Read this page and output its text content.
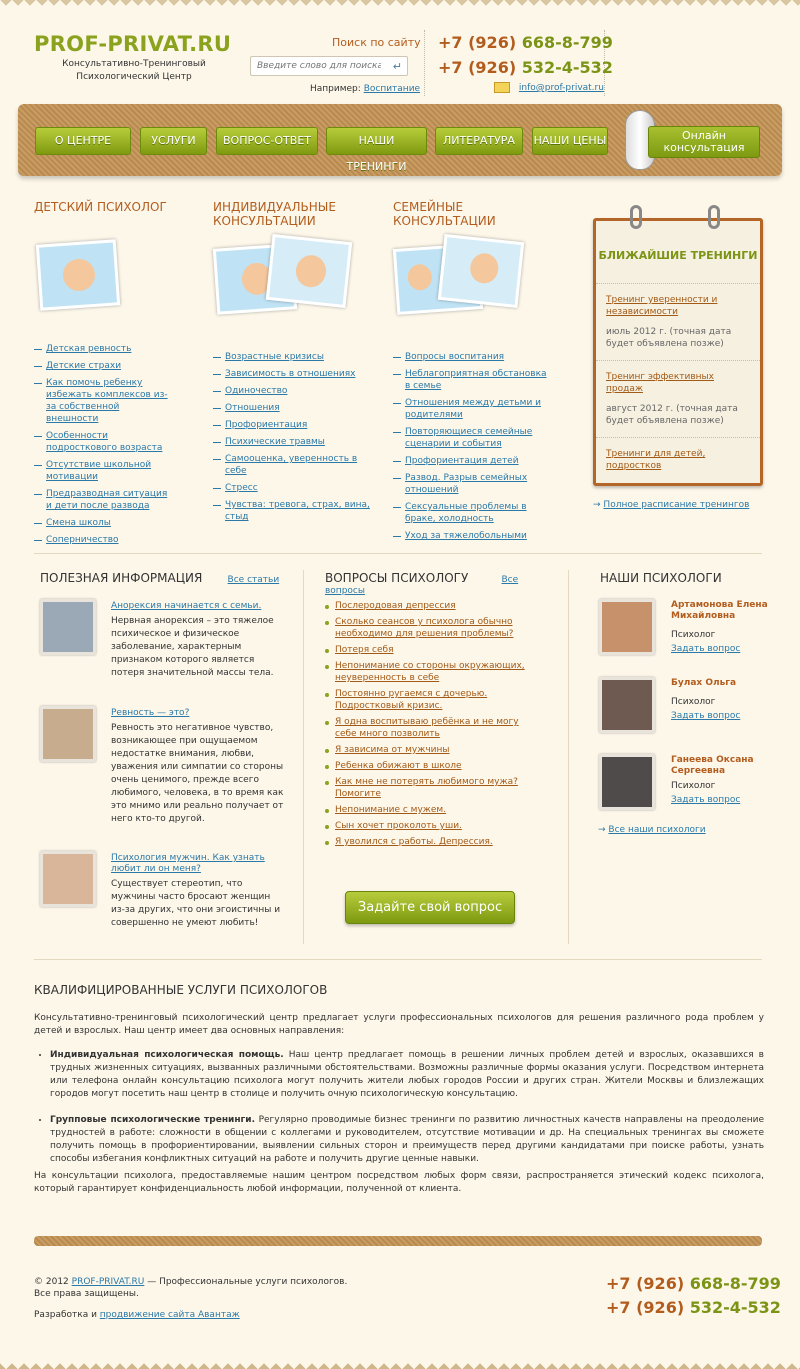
PROF-PRIVAT.RU
Консультативно-Тренинговый
Психологический Центр
Поиск по сайту
Введите слово для поиска
↵
Например: Воспитание
+7 (926) 668-8-799
+7 (926) 532-4-532
info@prof-privat.ru
О ЦЕНТРЕ	УСЛУГИ	ВОПРОС-ОТВЕТ	НАШИ ТРЕНИНГИ
ЛИТЕРАТУРА	НАШИ ЦЕНЫ	Онлайн
консультация
ДЕТСКИЙ ПСИХОЛОГ
Детская ревность
Детские страхи
Как помочь ребенку избежать комплексов из-за собственной внешности
Особенности подросткового возраста
Отсутствие школьной мотивации
Предразводная ситуация и дети после развода
Смена школы
Соперничество
ИНДИВИДУАЛЬНЫЕ КОНСУЛЬТАЦИИ
Возрастные кризисы
Зависимость в отношениях
Одиночество
Отношения
Профориентация
Психические травмы
Самооценка, уверенность в себе
Стресс
Чувства: тревога, страх, вина, стыд
СЕМЕЙНЫЕ КОНСУЛЬТАЦИИ
Вопросы воспитания
Неблагоприятная обстановка в семье
Отношения между детьми и родителями
Повторяющиеся семейные сценарии и события
Профориентация детей
Развод. Разрыв семейных отношений
Сексуальные проблемы в браке, холодность
Уход за тяжелобольными
БЛИЖАЙШИЕ ТРЕНИНГИ
Тренинг уверенности и независимости
июль 2012 г. (точная дата будет объявлена позже)
Тренинг эффективных продаж
август 2012 г. (точная дата будет объявлена позже)
Тренинги для детей, подростков
→ Полное расписание тренингов
ПОЛЕЗНАЯ ИНФОРМАЦИЯ	Все статьи
Анорексия начинается с семьи.

Нервная анорексия – это тяжелое психическое и физическое заболевание, характерным признаком которого является потеря значительной массы тела.

Ревность — это?

Ревность это негативное чувство, возникающее при ощущаемом недостатке внимания, любви, уважения или симпатии со стороны очень ценимого, прежде всего любимого, человека, в то время как это мнимо или реально получает от него кто-то другой.

Психология мужчин. Как узнать любит ли он меня?

Существует стереотип, что мужчины часто бросают женщин из-за других, что они эгоистичны и совершенно не умеют любить!

ВОПРОСЫ ПСИХОЛОГУ	Все вопросы
Послеродовая депрессия
Сколько сеансов у психолога обычно необходимо для решения проблемы?
Потеря себя
Непонимание со стороны окружающих, неуверенность в себе
Постоянно ругаемся с дочерью. Подростковый кризис.
Я одна воспитываю ребёнка и не могу себе много позволить
Я зависима от мужчины
Ребенка обижают в школе
Как мне не потерять любимого мужа? Помогите
Непонимание с мужем.
Сын хочет проколоть уши.
Я уволился с работы. Депрессия.
Задайте свой вопрос
НАШИ ПСИХОЛОГИ
Артамонова Елена Михайловна
Психолог
Задать вопрос
Булах Ольга
Психолог
Задать вопрос
Ганеева Оксана Сергеевна
Психолог
Задать вопрос
→ Все наши психологи
КВАЛИФИЦИРОВАННЫЕ УСЛУГИ ПСИХОЛОГОВ
Консультативно-тренинговый психологический центр предлагает услуги профессиональных психологов для решения различного рода проблем у детей и взрослых. Наш центр имеет два основных направления:
• Индивидуальная психологическая помощь. Наш центр предлагает помощь в решении личных проблем детей и взрослых, оказавшихся в трудных жизненных ситуациях, вызванных различными обстоятельствами. Возможны различные формы оказания услуги. Посредством интернета или телефона онлайн консультацию психолога могут получить жители любых городов России и других стран. Жители Москвы и близлежащих городов могут посетить наш центр в столице и получить очную психологическую консультацию.
• Групповые психологические тренинги. Регулярно проводимые бизнес тренинги по развитию личностных качеств направлены на преодоление трудностей в работе: сложности в общении с коллегами и руководителем, отсутствие мотивации и др. На специальных тренингах вы сможете получить помощь в профориентировании, выявлении сильных сторон и преимуществ перед другими кандидатами при поиске работы, узнать способы избегания конфликтных ситуаций на работе и получить другие ценные навыки.
На консультации психолога, предоставляемые нашим центром посредством любых форм связи, распространяется этический кодекс психолога, который гарантирует конфиденциальность любой информации, полученной от клиента.
© 2012 PROF-PRIVAT.RU — Профессиональные услуги психологов.
Все права защищены.
Разработка и продвижение сайта Авантаж
+7 (926) 668-8-799
+7 (926) 532-4-532
